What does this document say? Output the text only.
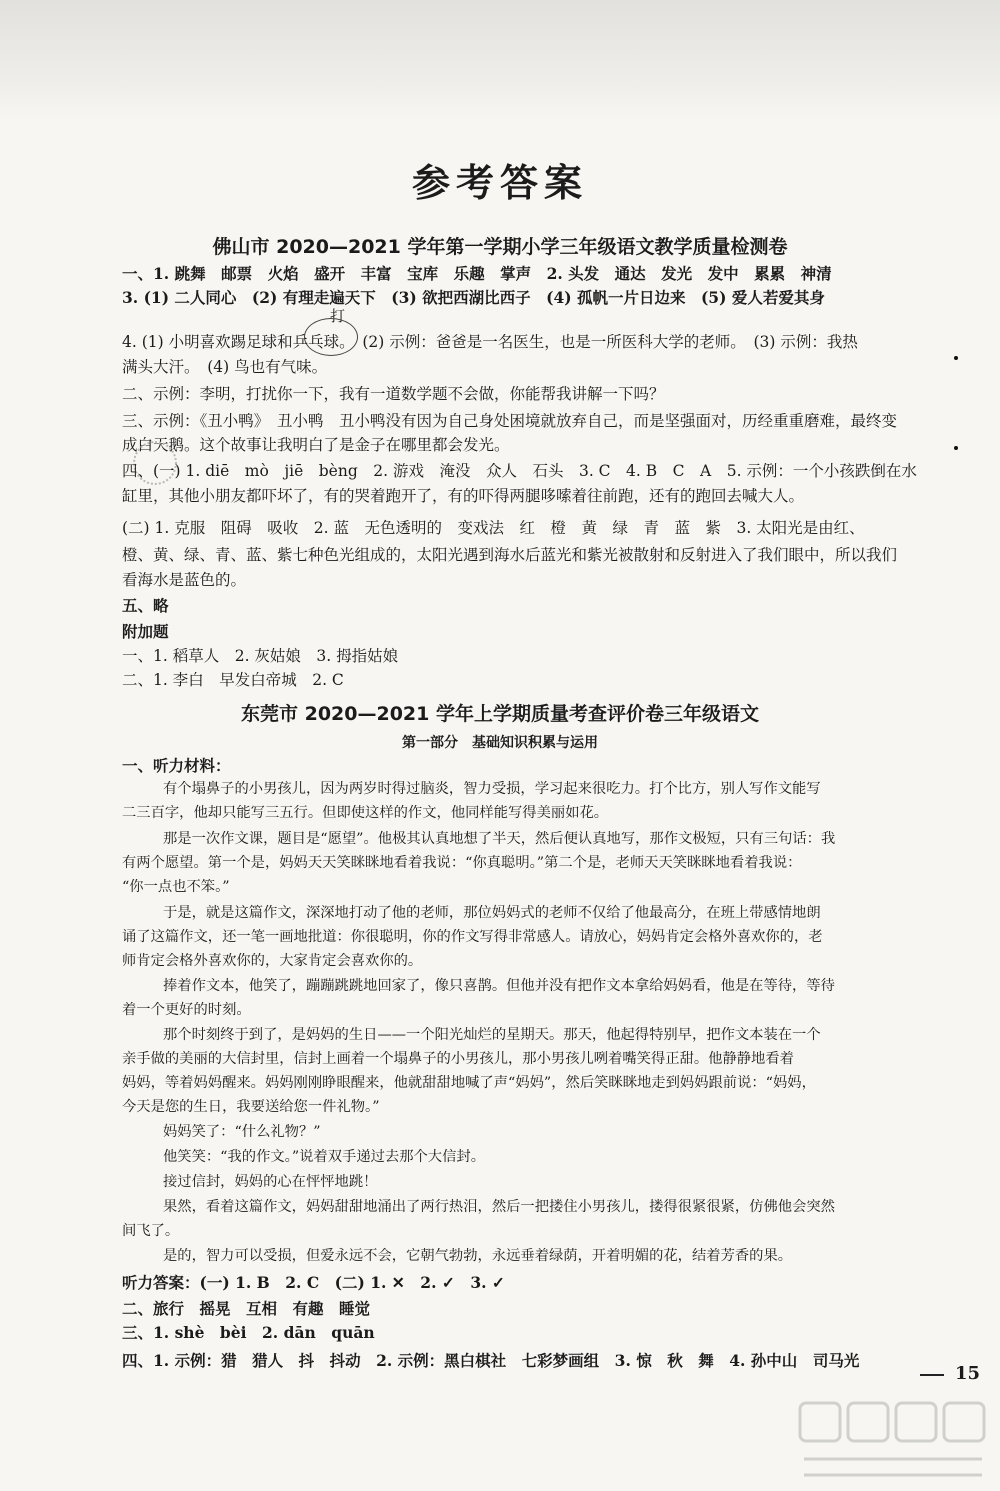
参考答案
佛山市 2020—2021 学年第一学期小学三年级语文教学质量检测卷
一、1. 跳舞　邮票　火焰　盛开　丰富　宝库　乐趣　掌声　2. 头发　通达　发光　发中　累累　神清
3. (1) 二人同心　(2) 有理走遍天下　(3) 欲把西湖比西子　(4) 孤帆一片日边来　(5) 爱人若爱其身
打
4. (1) 小明喜欢踢足球和乒乓球。　(2) 示例：爸爸是一名医生，也是一所医科大学的老师。　(3) 示例：我热
满头大汗。　(4) 鸟也有气味。
二、示例：李明，打扰你一下，我有一道数学题不会做，你能帮我讲解一下吗？
三、示例：《丑小鸭》　丑小鸭　丑小鸭没有因为自己身处困境就放弃自己，而是坚强面对，历经重重磨难，最终变
成白天鹅。这个故事让我明白了是金子在哪里都会发光。
四、(一) 1. diē　mò　jiē　bèng　2. 游戏　淹没　众人　石头　3. C　4. B　C　A　5. 示例：一个小孩跌倒在水
缸里，其他小朋友都吓坏了，有的哭着跑开了，有的吓得两腿哆嗦着往前跑，还有的跑回去喊大人。
(二) 1. 克服　阻碍　吸收　2. 蓝　无色透明的　变戏法　红　橙　黄　绿　青　蓝　紫　3. 太阳光是由红、
橙、黄、绿、青、蓝、紫七种色光组成的，太阳光遇到海水后蓝光和紫光被散射和反射进入了我们眼中，所以我们
看海水是蓝色的。
五、略
附加题
一、1. 稻草人　2. 灰姑娘　3. 拇指姑娘
二、1. 李白　早发白帝城　2. C
东莞市 2020—2021 学年上学期质量考查评价卷三年级语文
第一部分　基础知识积累与运用
一、听力材料：
有个塌鼻子的小男孩儿，因为两岁时得过脑炎，智力受损，学习起来很吃力。打个比方，别人写作文能写
二三百字，他却只能写三五行。但即使这样的作文，他同样能写得美丽如花。
那是一次作文课，题目是“愿望”。他极其认真地想了半天，然后便认真地写，那作文极短，只有三句话：我
有两个愿望。第一个是，妈妈天天笑眯眯地看着我说：“你真聪明。”第二个是，老师天天笑眯眯地看着我说：
“你一点也不笨。”
于是，就是这篇作文，深深地打动了他的老师，那位妈妈式的老师不仅给了他最高分，在班上带感情地朗
诵了这篇作文，还一笔一画地批道：你很聪明，你的作文写得非常感人。请放心，妈妈肯定会格外喜欢你的，老
师肯定会格外喜欢你的，大家肯定会喜欢你的。
捧着作文本，他笑了，蹦蹦跳跳地回家了，像只喜鹊。但他并没有把作文本拿给妈妈看，他是在等待，等待
着一个更好的时刻。
那个时刻终于到了，是妈妈的生日——一个阳光灿烂的星期天。那天，他起得特别早，把作文本装在一个
亲手做的美丽的大信封里，信封上画着一个塌鼻子的小男孩儿，那小男孩儿咧着嘴笑得正甜。他静静地看着
妈妈，等着妈妈醒来。妈妈刚刚睁眼醒来，他就甜甜地喊了声“妈妈”，然后笑眯眯地走到妈妈跟前说：“妈妈，
今天是您的生日，我要送给您一件礼物。”
妈妈笑了：“什么礼物？”
他笑笑：“我的作文。”说着双手递过去那个大信封。
接过信封，妈妈的心在怦怦地跳！
果然，看着这篇作文，妈妈甜甜地涌出了两行热泪，然后一把搂住小男孩儿，搂得很紧很紧，仿佛他会突然
间飞了。
是的，智力可以受损，但爱永远不会，它朝气勃勃，永远垂着绿荫，开着明媚的花，结着芳香的果。
听力答案：(一) 1. B　2. C　(二) 1. ✕　2. ✓　3. ✓
二、旅行　摇晃　互相　有趣　睡觉
三、1. shè　bèi　2. dān　quān
四、1. 示例：猎　猎人　抖　抖动　2. 示例：黑白棋社　七彩梦画组　3. 惊　秋　舞　4. 孙中山　司马光
15
